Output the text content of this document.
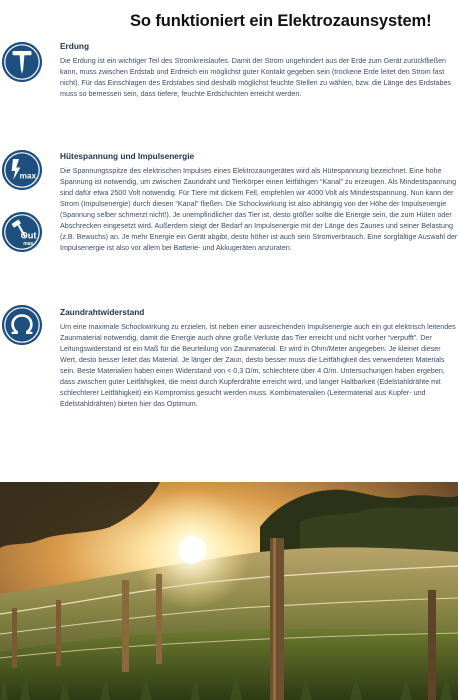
So funktioniert ein Elektrozaunsystem!
Erdung

Die Erdung ist ein wichtiger Teil des Stromkreislaufes. Damit der Strom ungehindert aus der Erde zum Gerät zurückfließen kann, muss zwischen Erdstab und Erdreich ein möglichst guter Kontakt gegeben sein (trockene Erde leitet den Strom fast nicht). Für das Einschlagen des Erdstabes sind deshalb möglichst feuchte Stellen zu wählen, bzw. die Länge des Erdstabes muss so bemessen sein, dass tiefere, feuchte Erdschichten erreicht werden.

max.
Out
max.
Hütespannung und Impulsenergie

Die Spannungsspitze des elektrischen Impulses eines Elektrozaungerätes wird als Hütespannung bezeichnet. Eine hohe Spannung ist notwendig, um zwischen Zaundraht und Tierkörper einen leitfähigen “Kanal” zu erzeugen. Als Mindestspannung sind dafür etwa 2500 Volt notwendig. Für Tiere mit dickem Fell, empfehlen wir 4000 Volt als Mindestspannung. Nun kann der Strom (Impulsenergie) durch diesen “Kanal” fließen. Die Schockwirkung ist also abhängig von der Höhe der Impulsenergie (Spannung selber schmerzt nicht!). Je unempfindlicher das Tier ist, desto größer sollte die Energie sein, die zum Hüten oder Abschrecken eingesetzt wird. Außerdem steigt der Bedarf an Impulsenergie mit der Länge des Zaunes und seiner Belastung (z.B. Bewuchs) an. Je mehr Energie ein Gerät abgibt, desto höher ist auch sein Stromverbrauch. Eine sorgfältige Auswahl der Impulsenergie ist also vor allem bei Batterie- und Akkugeräten anzuraten.

Zaundrahtwiderstand

Um eine maximale Schockwirkung zu erzielen, ist neben einer ausreichenden Impulsenergie auch ein gut elektrisch leitendes Zaunmaterial notwendig, damit die Energie auch ohne große Verluste das Tier erreicht und nicht vorher “verpufft”. Der Leitungswiderstand ist ein Maß für die Beurteilung von Zaunmaterial. Er wird in Ohm/Meter angegeben. Je kleiner dieser Wert, desto besser leitet das Material. Je länger der Zaun, desto besser muss die Leitfähigkeit des verwendeten Materials sein. Beste Materialien haben einen Widerstand von < 0,3 Ω/m, schlechtere über 4 Ω/m. Untersuchungen haben ergeben, dass zwischen guter Leitfähigkeit, die meist durch Kupferdrähte erreicht wird, und langer Haltbarkeit (Edelstahldrähte mit schlechterer Leitfähigkeit) ein Kompromiss gesucht werden muss. Kombimaterialien (Leitermaterial aus Kupfer- und Edelstahldrähten) bieten hier das Optimum.
